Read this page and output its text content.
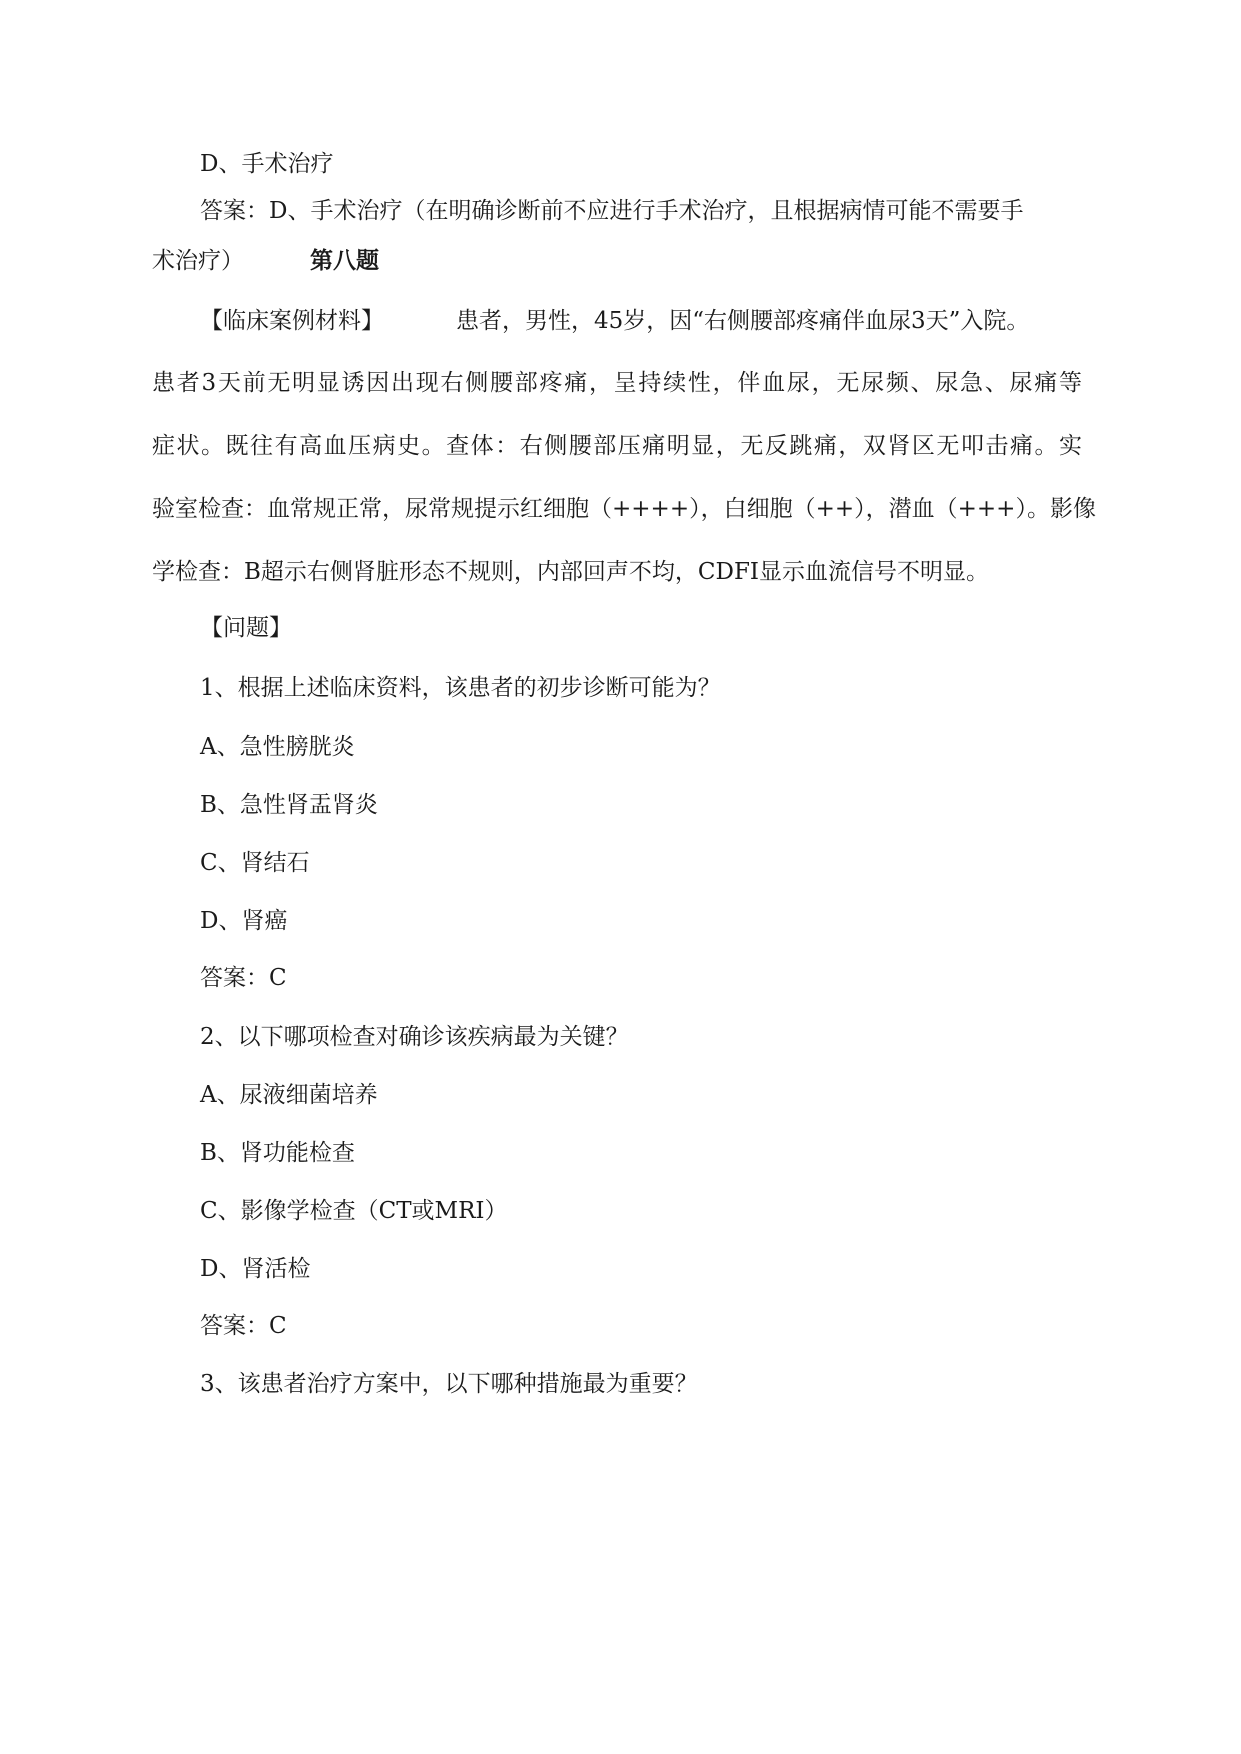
D、手术治疗
答案：D、手术治疗（在明确诊断前不应进行手术治疗，且根据病情可能不需要手
术治疗）	第八题
【临床案例材料】	患者，男性，45岁，因“右侧腰部疼痛伴血尿3天”入院。
患者3天前无明显诱因出现右侧腰部疼痛，呈持续性，伴血尿，无尿频、尿急、尿痛等
症状。既往有高血压病史。查体：右侧腰部压痛明显，无反跳痛，双肾区无叩击痛。实
验室检查：血常规正常，尿常规提示红细胞（++++），白细胞（++），潜血（+++）。影像
学检查：B超示右侧肾脏形态不规则，内部回声不均，CDFI显示血流信号不明显。
【问题】
1、根据上述临床资料，该患者的初步诊断可能为？
A、急性膀胱炎
B、急性肾盂肾炎
C、肾结石
D、肾癌
答案：C
2、以下哪项检查对确诊该疾病最为关键？
A、尿液细菌培养
B、肾功能检查
C、影像学检查（CT或MRI）
D、肾活检
答案：C
3、该患者治疗方案中，以下哪种措施最为重要？
